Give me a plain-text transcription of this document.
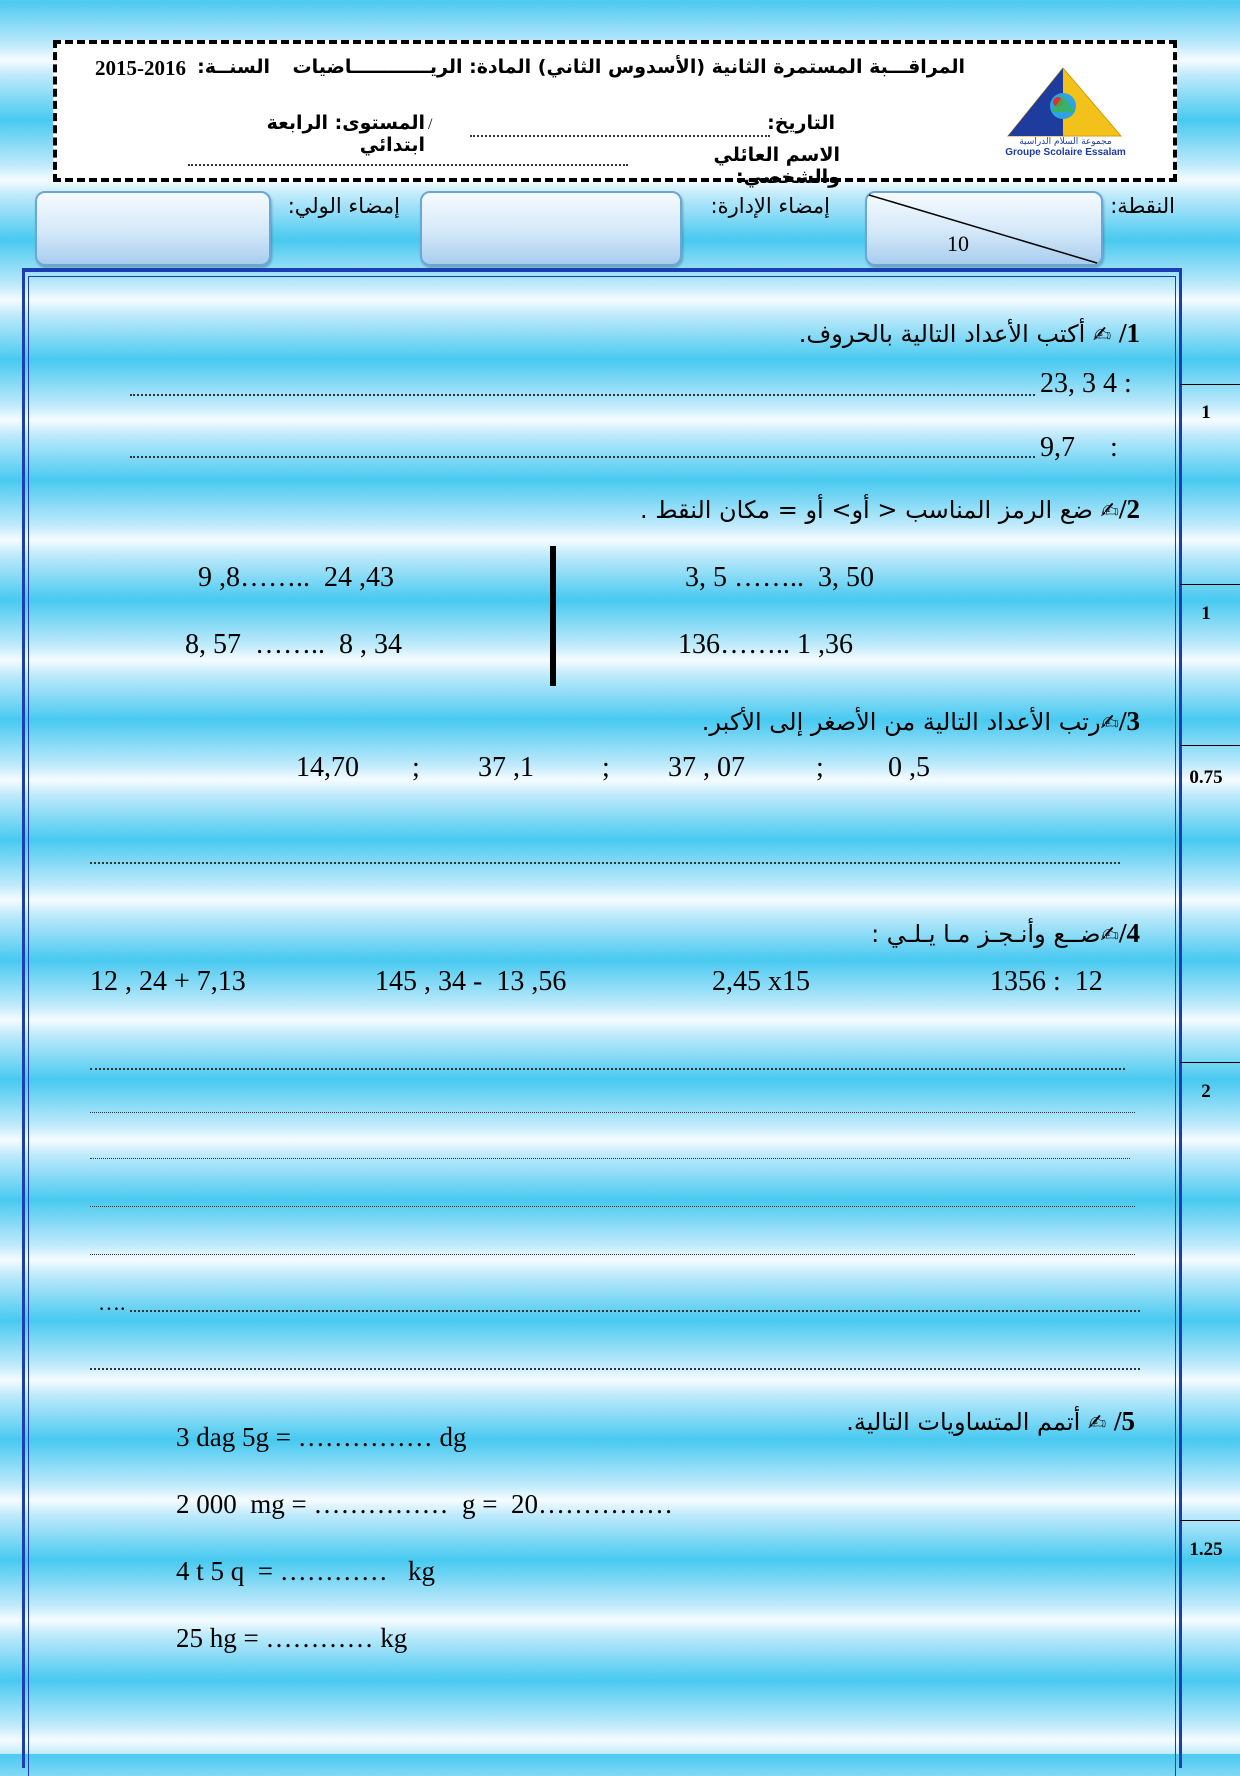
المراقـــبة المستمرة الثانية (الأسدوس الثاني) المادة: الريــــــــــــاضيات
السنــة:
2015-2016
التاريخ:
المستوى: الرابعة ابتدائي
/
الاسم العائلي والشخصي:
مجموعة السلام الدراسية
Groupe Scolaire Essalam
النقطة:
10
إمضاء الإدارة:
إمضاء الولي:
1
1
0.75
2
1.25
1/ ✍ أكتب الأعداد التالية بالحروف.
23, 3 4 :
9,7     :
2/✍ ضع الرمز المناسب < أو> أو = مكان النقط .
3, 5 ……..  3, 50
136…….. 1 ,36
9 ,8……..  24 ,43
8, 57  ……..  8 , 34
3/✍رتب الأعداد التالية من الأصغر إلى الأكبر.
14,70 ; 37 ,1 ; 37 , 07	; 0 ,5
4/✍ضــع وأنـجـز مـا يـلـي :
12 , 24 + 7,13	145 , 34 -  13 ,56	2,45 x15	1356 :  12
….
5/ ✍ أتمم المتساويات التالية.
3 dag 5g = …………… dg
2 000  mg = ……………  g =  20……………
4 t 5 q  = …………   kg
25 hg = ………… kg
